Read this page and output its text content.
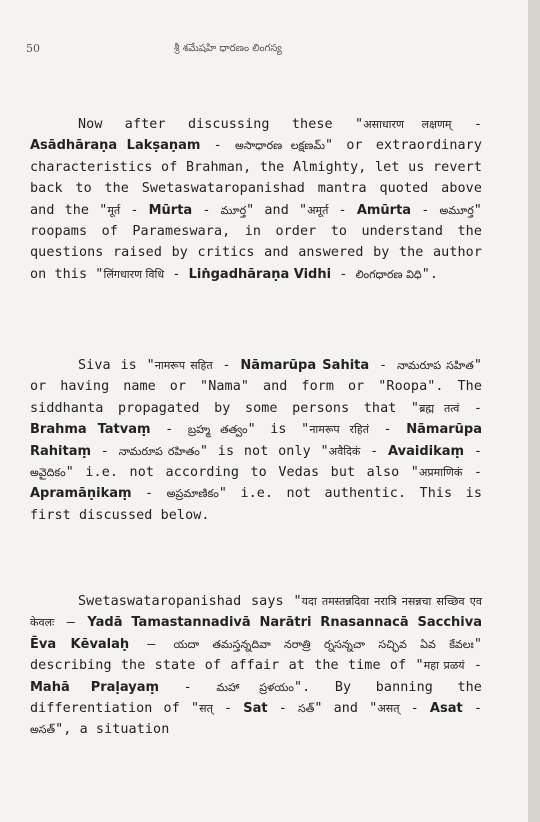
50	శ్రీ శమేషహి ధారణం లింగస్య
Now after discussing these "असाधारण लक्षणम् - Asādhāraṇa Lakṣaṇam - అసాధారణ లక్షణమ్" or extraordinary characteristics of Brahman, the Almighty, let us revert back to the Swetaswataropanishad mantra quoted above and the "मूर्त - Mūrta - మూర్త" and "अमूर्त - Amūrta - అమూర్త" roopams of Parameswara, in order to understand the questions raised by critics and answered by the author on this "लिंगधारण विधि - Liṅgadhāraṇa Vidhi - లింగధారణ విధి".
Siva is "नामरूप सहित - Nāmarūpa Sahita - నామరూప సహిత" or having name or "Nama" and form or "Roopa". The siddhanta propagated by some persons that "ब्रह्म तत्वं - Brahma Tatvaṃ - బ్రహ్మ తత్వం" is "नामरूप रहितं - Nāmarūpa Rahitaṃ - నామరూప రహితం" is not only "अवैदिकं - Avaidikaṃ - అవైదికం" i.e. not according to Vedas but also "अप्रमाणिकं - Apramāṇikaṃ - అప్రమాణికం" i.e. not authentic. This is first discussed below.
Swetaswataropanishad says "यदा तमस्तन्नदिवा नरात्रि नसन्नचा सच्छिव एव केवलः – Yadā Tamastannadivā Narātri Rnasannacā Sacchiva Ēva Kēvalaḥ – యదా తమస్తన్నదివా నరాత్రి ర్నసన్నచా సచ్ఛివ ఏవ కేవలః" describing the state of affair at the time of "महा प्रळयं - Mahā Praḷayaṃ - మహా ప్రళయం". By banning the differentiation of "सत् - Sat - సత్" and "असत् - Asat - అసత్", a situation
